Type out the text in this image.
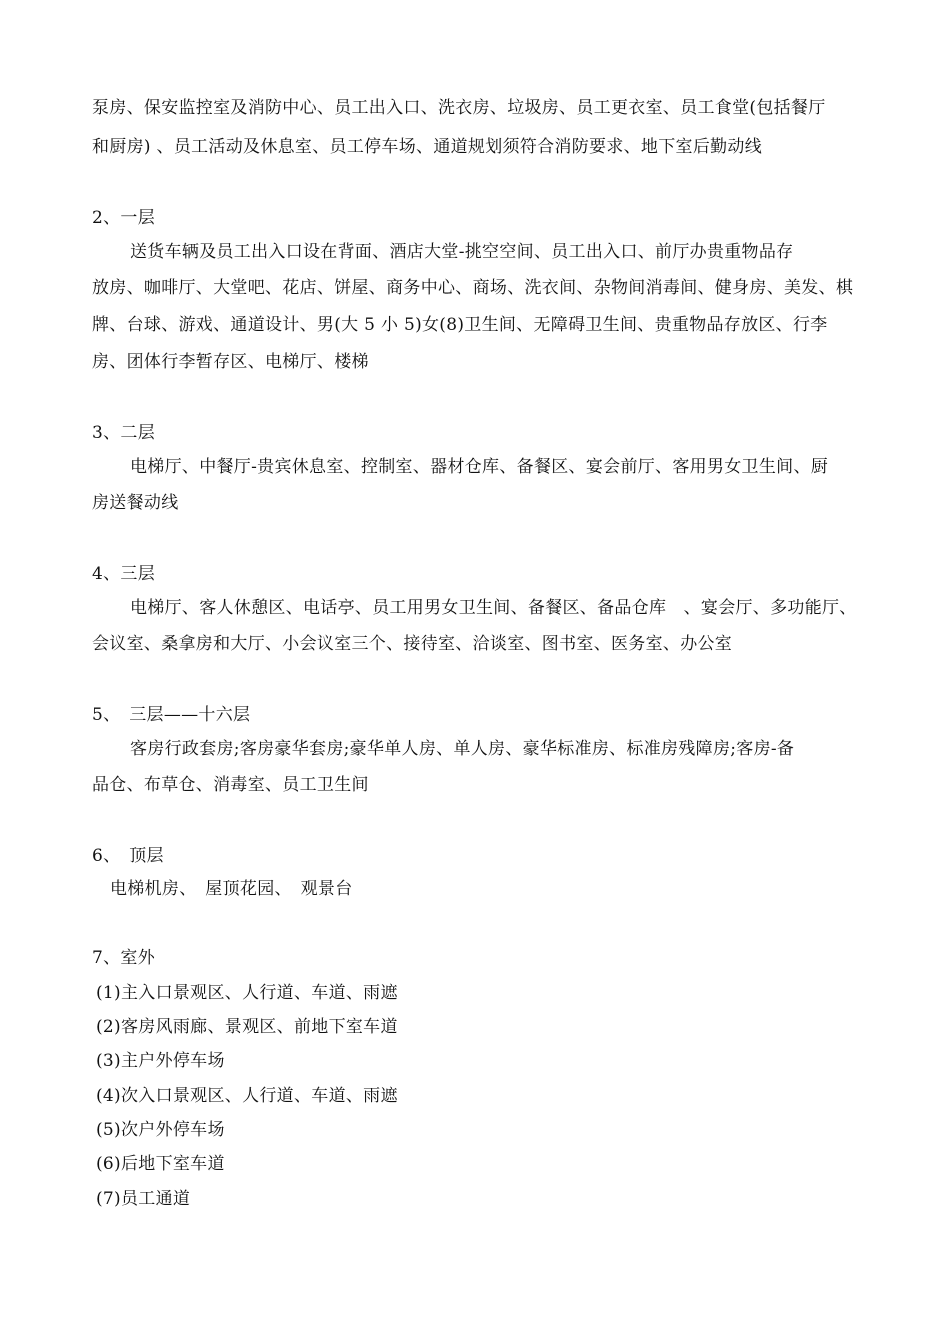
泵房、保安监控室及消防中心、员工出入口、洗衣房、垃圾房、员工更衣室、员工食堂(包括餐厅
和厨房) 、员工活动及休息室、员工停车场、通道规划须符合消防要求、地下室后勤动线
2、一层
送货车辆及员工出入口设在背面、酒店大堂-挑空空间、员工出入口、前厅办贵重物品存
放房、咖啡厅、大堂吧、花店、饼屋、商务中心、商场、洗衣间、杂物间消毒间、健身房、美发、棋
牌、台球、游戏、通道设计、男(大 5 小 5)女(8)卫生间、无障碍卫生间、贵重物品存放区、行李
房、团体行李暂存区、电梯厅、楼梯
3、二层
电梯厅、中餐厅-贵宾休息室、控制室、器材仓库、备餐区、宴会前厅、客用男女卫生间、厨
房送餐动线
4、三层
电梯厅、客人休憩区、电话亭、员工用男女卫生间、备餐区、备品仓库　、宴会厅、多功能厅、
会议室、桑拿房和大厅、小会议室三个、接待室、洽谈室、图书室、医务室、办公室
5、　三层——十六层
客房行政套房;客房豪华套房;豪华单人房、单人房、豪华标准房、标准房残障房;客房-备
品仓、布草仓、消毒室、员工卫生间
6、　顶层
电梯机房、　屋顶花园、　观景台
7、室外
(1)主入口景观区、人行道、车道、雨遮
(2)客房风雨廊、景观区、前地下室车道
(3)主户外停车场
(4)次入口景观区、人行道、车道、雨遮
(5)次户外停车场
(6)后地下室车道
(7)员工通道
